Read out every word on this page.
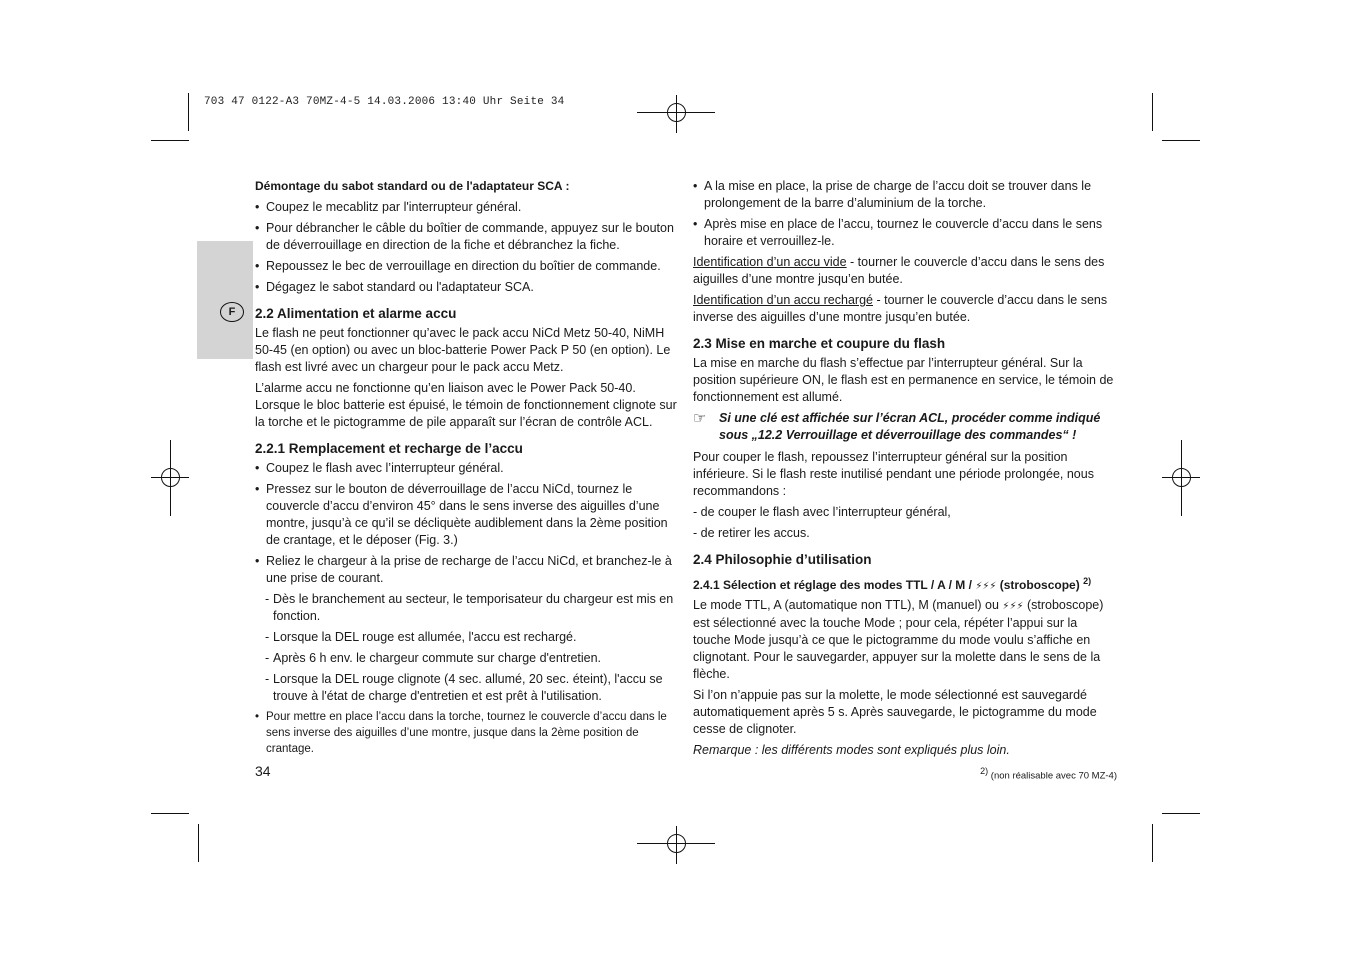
703 47 0122-A3 70MZ-4-5 14.03.2006 13:40 Uhr Seite 34
F

Démontage du sabot standard ou de l'adaptateur SCA :

• Coupez le mecablitz par l'interrupteur général.
• Pour débrancher le câble du boîtier de commande, appuyez sur le bouton de déverrouillage en direction de la fiche et débranchez la fiche.
• Repoussez le bec de verrouillage en direction du boîtier de commande.
• Dégagez le sabot standard ou l'adaptateur SCA.

2.2 Alimentation et alarme accu

Le flash ne peut fonctionner qu’avec le pack accu NiCd Metz 50-40, NiMH 50-45 (en option) ou avec un bloc-batterie Power Pack P 50 (en option). Le flash est livré avec un chargeur pour le pack accu Metz.

L’alarme accu ne fonctionne qu’en liaison avec le Power Pack 50-40. Lorsque le bloc batterie est épuisé, le témoin de fonctionnement clignote sur la torche et le pictogramme de pile apparaît sur l’écran de contrôle ACL.

2.2.1 Remplacement et recharge de l’accu

• Coupez le flash avec l’interrupteur général.
• Pressez sur le bouton de déverrouillage de l’accu NiCd, tournez le couvercle d’accu d’environ 45° dans le sens inverse des aiguilles d’une montre, jusqu’à ce qu’il se décliquète audiblement dans la 2ème position de crantage, et le déposer (Fig. 3.)
• Reliez le chargeur à la prise de recharge de l’accu NiCd, et branchez-le à une prise de courant.
- Dès le branchement au secteur, le temporisateur du chargeur est mis en fonction.
- Lorsque la DEL rouge est allumée, l'accu est rechargé.
- Après 6 h env. le chargeur commute sur charge d'entretien.
- Lorsque la DEL rouge clignote (4 sec. allumé, 20 sec. éteint), l'accu se trouve à l'état de charge d'entretien et est prêt à l'utilisation.
• Pour mettre en place l’accu dans la torche, tournez le couvercle d’accu dans le sens inverse des aiguilles d’une montre, jusque dans la 2ème position de crantage.
34
• A la mise en place, la prise de charge de l’accu doit se trouver dans le prolongement de la barre d’aluminium de la torche.
• Après mise en place de l’accu, tournez le couvercle d’accu dans le sens horaire et verrouillez-le.

Identification d’un accu vide - tourner le couvercle d’accu dans le sens des aiguilles d’une montre jusqu’en butée.

Identification d’un accu rechargé - tourner le couvercle d’accu dans le sens inverse des aiguilles d’une montre jusqu’en butée.

2.3 Mise en marche et coupure du flash

La mise en marche du flash s’effectue par l’interrupteur général. Sur la position supérieure ON, le flash est en permanence en service, le témoin de fonctionnement est allumé.

☞	Si une clé est affichée sur l’écran ACL, procéder comme indiqué sous „12.2 Verrouillage et déverrouillage des commandes“ !

Pour couper le flash, repoussez l’interrupteur général sur la position inférieure. Si le flash reste inutilisé pendant une période prolongée, nous recommandons :

- de couper le flash avec l’interrupteur général,

- de retirer les accus.

2.4 Philosophie d’utilisation

2.4.1 Sélection et réglage des modes TTL / A / M / ⚡⚡⚡ (stroboscope) $^{2)}$

Le mode TTL, A (automatique non TTL), M (manuel) ou ⚡⚡⚡ (stroboscope) est sélectionné avec la touche Mode ; pour cela, répéter l’appui sur la touche Mode jusqu’à ce que le pictogramme du mode voulu s’affiche en clignotant. Pour le sauvegarder, appuyer sur la molette dans le sens de la flèche.

Si l’on n’appuie pas sur la molette, le mode sélectionné est sauvegardé automatiquement après 5 s. Après sauvegarde, le pictogramme du mode cesse de clignoter.

Remarque : les différents modes sont expliqués plus loin.

$^{2)}$ (non réalisable avec 70 MZ-4)
